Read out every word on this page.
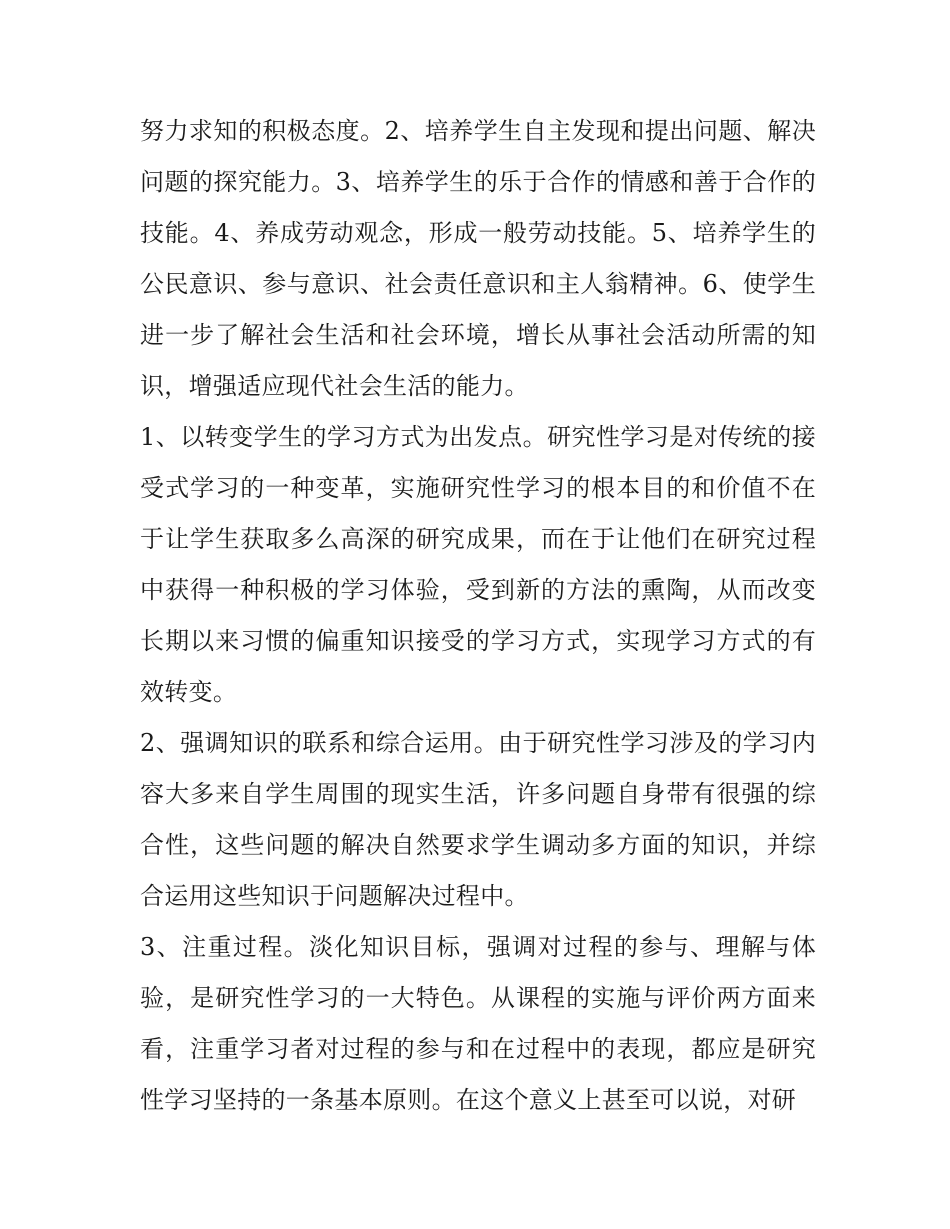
努力求知的积极态度。2、培养学生自主发现和提出问题、解决问题的探究能力。3、培养学生的乐于合作的情感和善于合作的技能。4、养成劳动观念，形成一般劳动技能。5、培养学生的公民意识、参与意识、社会责任意识和主人翁精神。6、使学生进一步了解社会生活和社会环境，增长从事社会活动所需的知识，增强适应现代社会生活的能力。

1、以转变学生的学习方式为出发点。研究性学习是对传统的接受式学习的一种变革，实施研究性学习的根本目的和价值不在于让学生获取多么高深的研究成果，而在于让他们在研究过程中获得一种积极的学习体验，受到新的方法的熏陶，从而改变长期以来习惯的偏重知识接受的学习方式，实现学习方式的有效转变。

2、强调知识的联系和综合运用。由于研究性学习涉及的学习内容大多来自学生周围的现实生活，许多问题自身带有很强的综合性，这些问题的解决自然要求学生调动多方面的知识，并综合运用这些知识于问题解决过程中。

3、注重过程。淡化知识目标，强调对过程的参与、理解与体验，是研究性学习的一大特色。从课程的实施与评价两方面来看，注重学习者对过程的参与和在过程中的表现，都应是研究性学习坚持的一条基本原则。在这个意义上甚至可以说，对研
